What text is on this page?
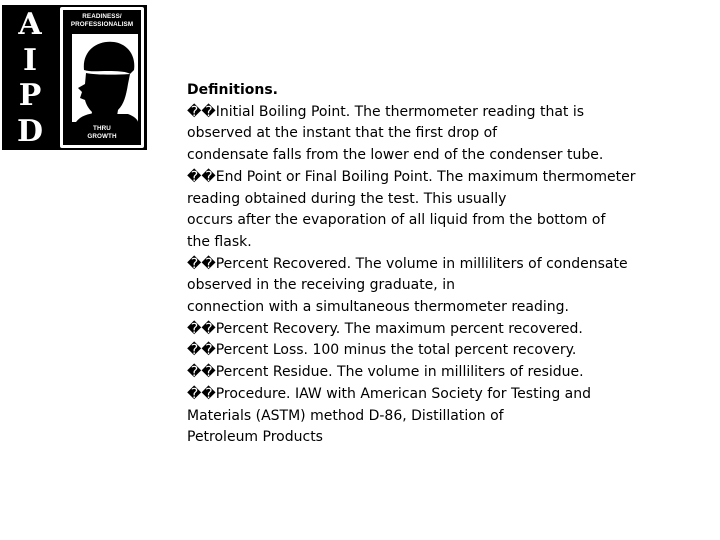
A
I
P
D
READINESS/
PROFESSIONALISM
THRU
GROWTH
Definitions.
��Initial Boiling Point. The thermometer reading that is
observed at the instant that the first drop of
condensate falls from the lower end of the condenser tube.
��End Point or Final Boiling Point. The maximum thermometer
reading obtained during the test. This usually
occurs after the evaporation of all liquid from the bottom of
the flask.
��Percent Recovered. The volume in milliliters of condensate
observed in the receiving graduate, in
connection with a simultaneous thermometer reading.
��Percent Recovery. The maximum percent recovered.
��Percent Loss. 100 minus the total percent recovery.
��Percent Residue. The volume in milliliters of residue.
��Procedure. IAW with American Society for Testing and
Materials (ASTM) method D-86, Distillation of
Petroleum Products
